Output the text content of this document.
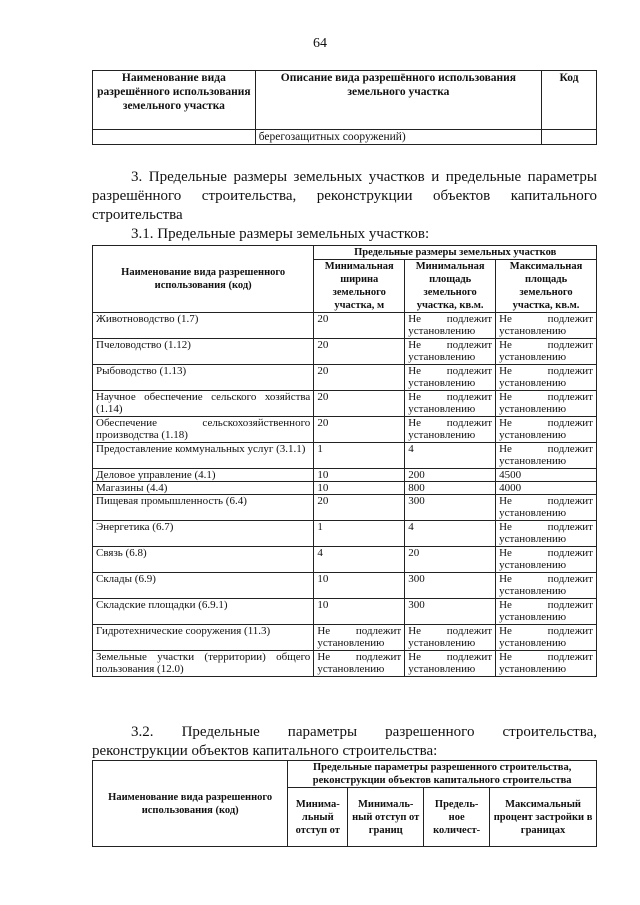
64
Наименование вида разрешённого использования земельного участка	Описание вида разрешённого использования земельного участка	Код
	берегозащитных сооружений)	
3. Предельные размеры земельных участков и предельные параметры
разрешённого строительства, реконструкции объектов капитального
строительства
3.1. Предельные размеры земельных участков:
Наименование вида разрешенного использования (код)	Предельные размеры земельных участков		
	Минимальная ширина земельного участка, м	Минимальная площадь земельного участка, кв.м.	Максимальная площадь земельного участка, кв.м.
Животноводство (1.7)	20	Не подлежит установлению	Не подлежит установлению
Пчеловодство (1.12)	20	Не подлежит установлению	Не подлежит установлению
Рыбоводство (1.13)	20	Не подлежит установлению	Не подлежит установлению
Научное обеспечение сельского хозяйства (1.14)	20	Не подлежит установлению	Не подлежит установлению
Обеспечение сельскохозяйственного производства (1.18)	20	Не подлежит установлению	Не подлежит установлению
Предоставление коммунальных услуг (3.1.1)	1	4	Не подлежит установлению
Деловое управление (4.1)	10	200	4500
Магазины (4.4)	10	800	4000
Пищевая промышленность (6.4)	20	300	Не подлежит установлению
Энергетика (6.7)	1	4	Не подлежит установлению
Связь (6.8)	4	20	Не подлежит установлению
Склады (6.9)	10	300	Не подлежит установлению
Складские площадки (6.9.1)	10	300	Не подлежит установлению
Гидротехнические сооружения (11.3)	Не подлежит установлению	Не подлежит установлению	Не подлежит установлению
Земельные участки (территории) общего пользования (12.0)	Не подлежит установлению	Не подлежит установлению	Не подлежит установлению
3.2. Предельные параметры разрешенного строительства,
реконструкции объектов капитального строительства:
Наименование вида разрешенного использования (код)	Предельные параметры разрешенного строительства, реконструкции объектов капитального строительства			
	Минима-льный отступ от	Минималь-ный отступ от границ	Предель-ное количест-	Максимальный процент застройки в границах
